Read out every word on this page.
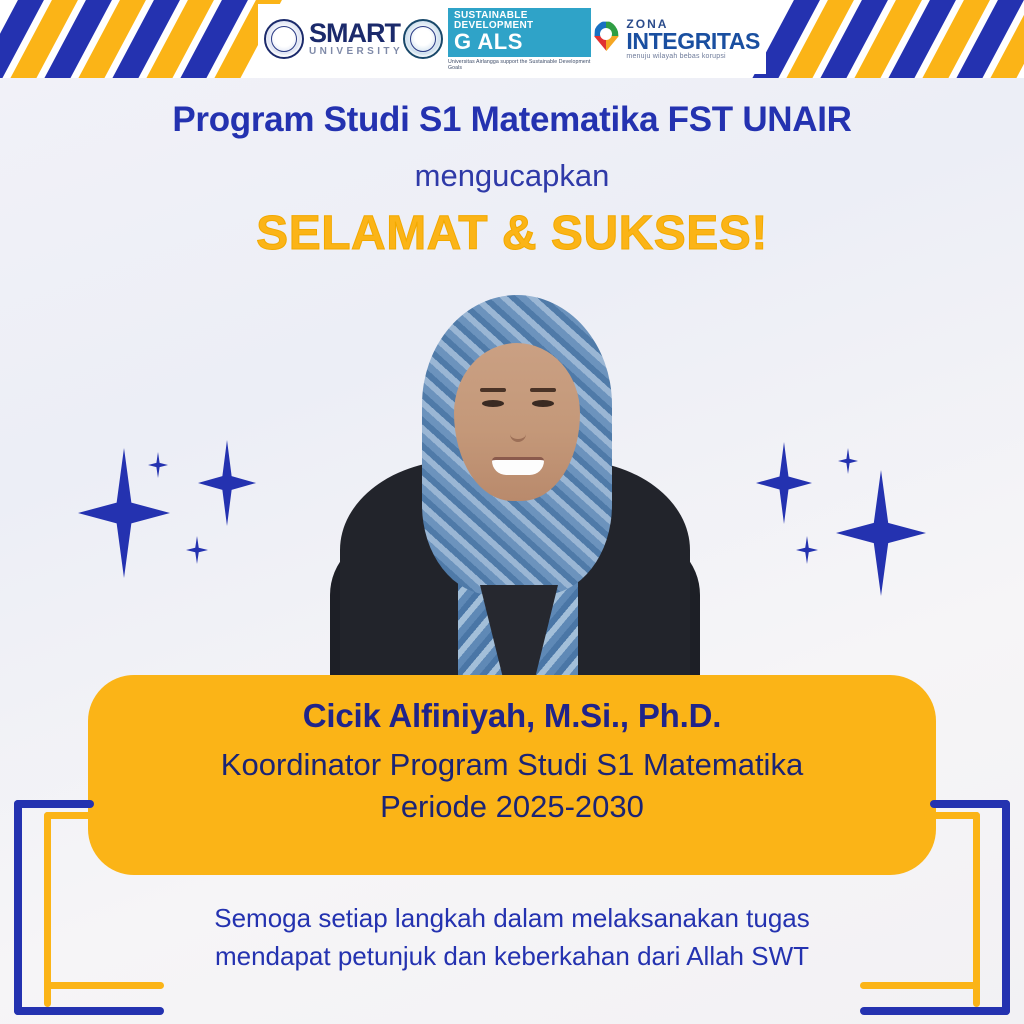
SMART
UNIVERSITY
SUSTAINABLE
DEVELOPMENT
G ALS
Universitas Airlangga support the Sustainable Development Goals
ZONA
INTEGRITAS
menuju wilayah bebas korupsi
Program Studi S1 Matematika FST UNAIR
mengucapkan
SELAMAT & SUKSES!
Cicik Alfiniyah, M.Si., Ph.D.
Koordinator Program Studi S1 Matematika
Periode 2025-2030
Semoga setiap langkah dalam melaksanakan tugas
mendapat petunjuk dan keberkahan dari Allah SWT
